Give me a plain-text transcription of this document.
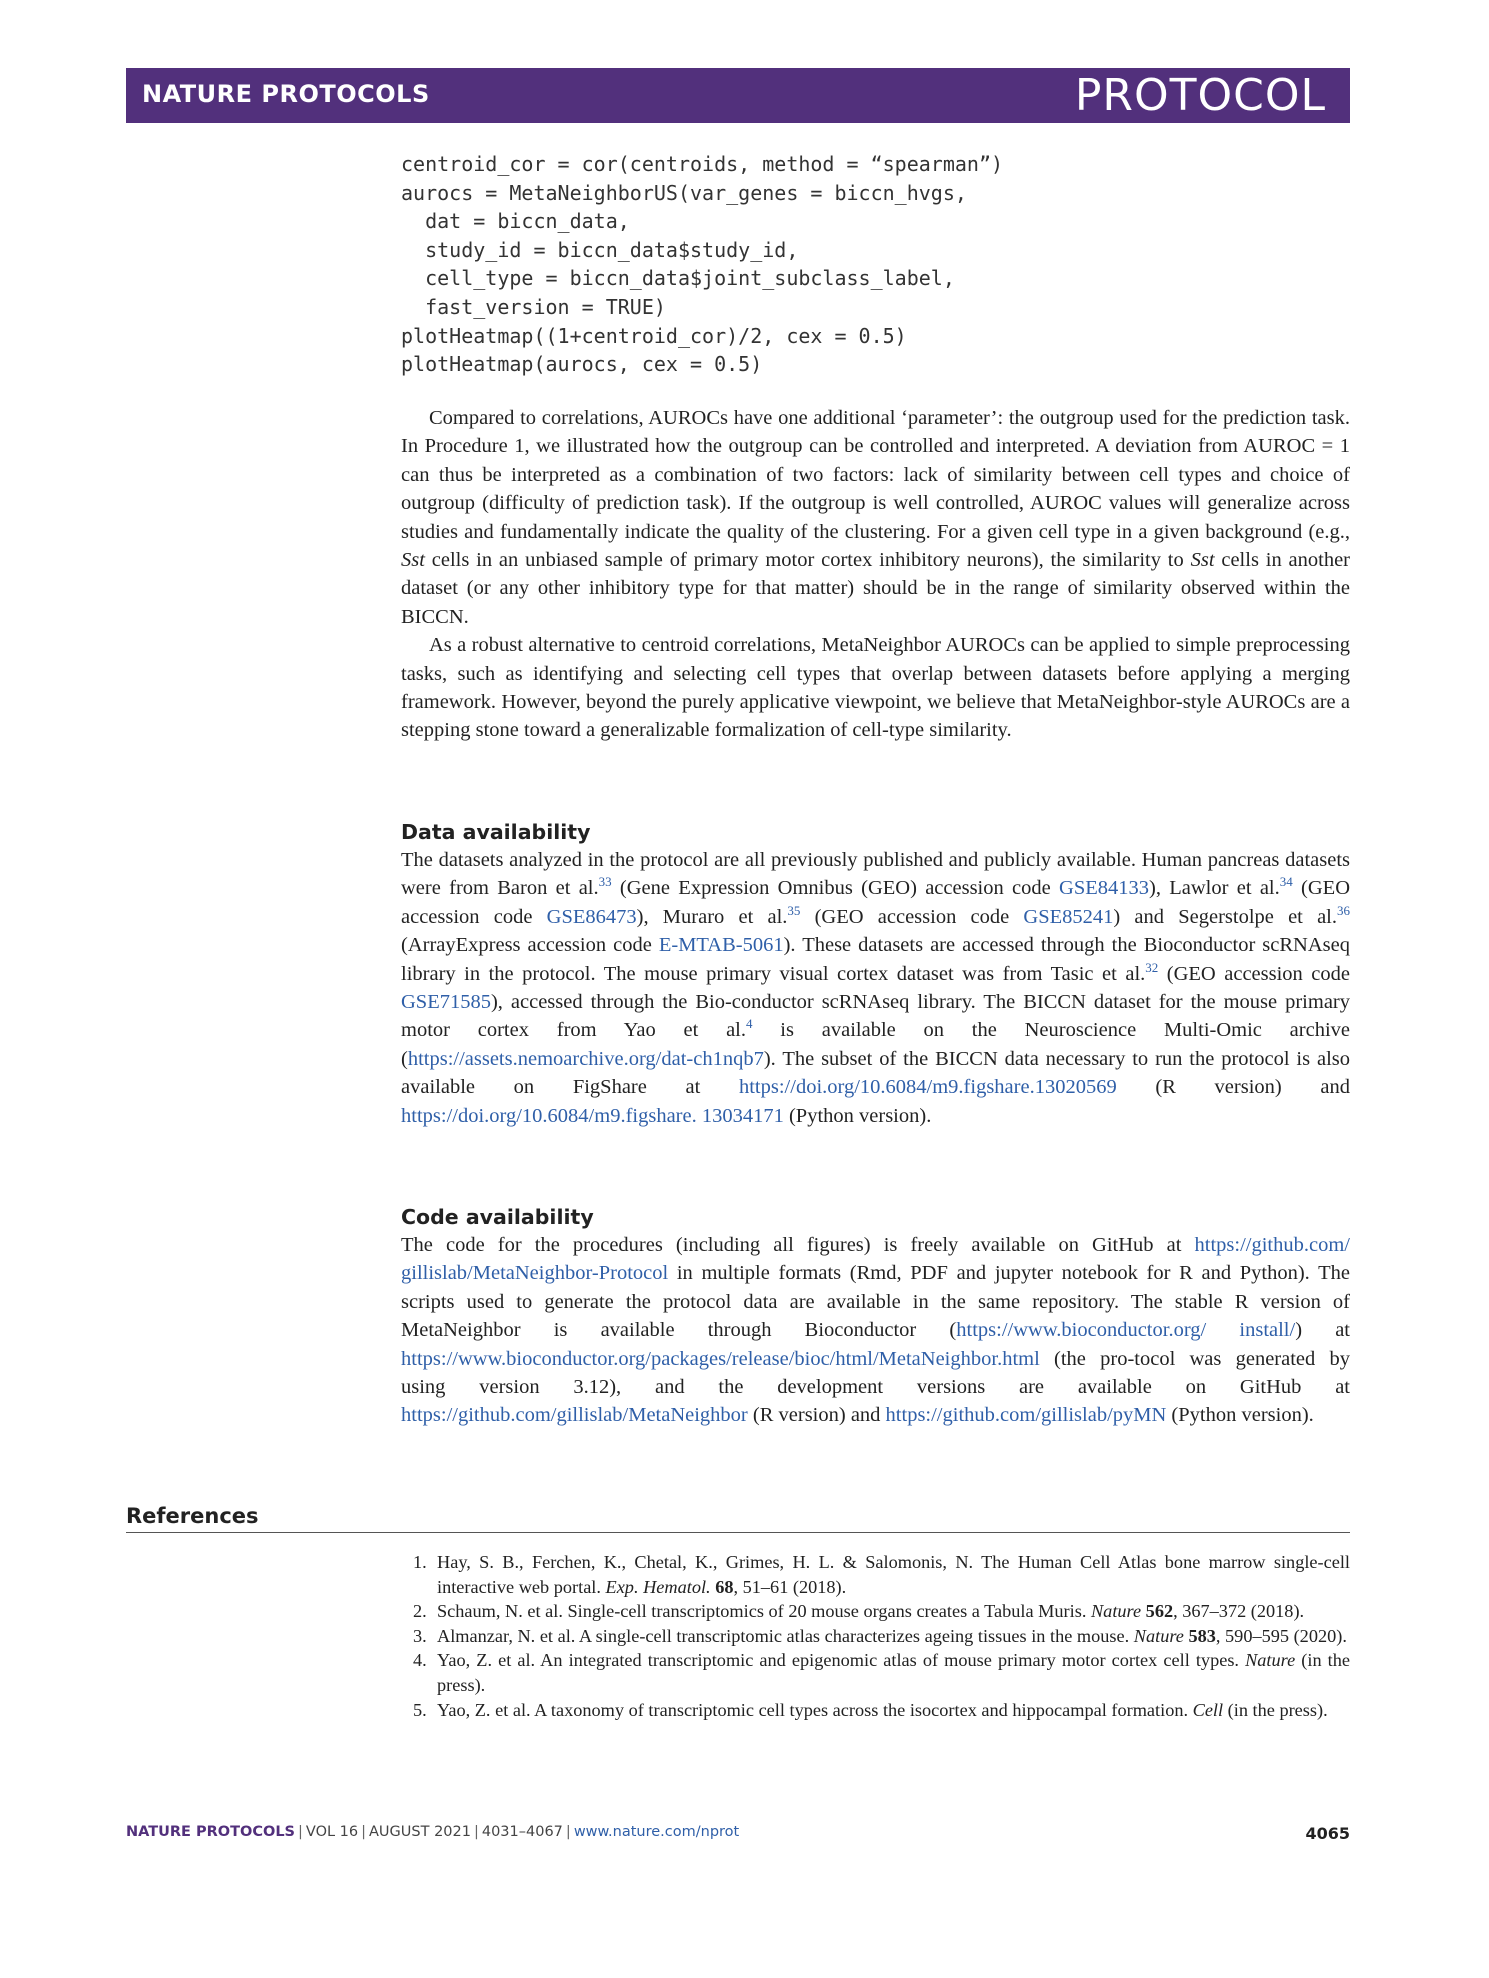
NATURE PROTOCOLS	PROTOCOL
centroid_cor = cor(centroids, method = “spearman”)
aurocs = MetaNeighborUS(var_genes = biccn_hvgs,
dat = biccn_data,
study_id = biccn_data$study_id,
cell_type = biccn_data$joint_subclass_label,
fast_version = TRUE)
plotHeatmap((1+centroid_cor)/2, cex = 0.5)
plotHeatmap(aurocs, cex = 0.5)

Compared to correlations, AUROCs have one additional ‘parameter’: the outgroup used for the prediction task. In Procedure 1, we illustrated how the outgroup can be controlled and interpreted. A deviation from AUROC = 1 can thus be interpreted as a combination of two factors: lack of similarity between cell types and choice of outgroup (difficulty of prediction task). If the outgroup is well controlled, AUROC values will generalize across studies and fundamentally indicate the quality of the clustering. For a given cell type in a given background (e.g., Sst cells in an unbiased sample of primary motor cortex inhibitory neurons), the similarity to Sst cells in another dataset (or any other inhibitory type for that matter) should be in the range of similarity observed within the BICCN.

As a robust alternative to centroid correlations, MetaNeighbor AUROCs can be applied to simple preprocessing tasks, such as identifying and selecting cell types that overlap between datasets before applying a merging framework. However, beyond the purely applicative viewpoint, we believe that MetaNeighbor-style AUROCs are a stepping stone toward a generalizable formalization of cell-type similarity.

Data availability

The datasets analyzed in the protocol are all previously published and publicly available. Human pancreas datasets were from Baron et al.$^{33}$ (Gene Expression Omnibus (GEO) accession code GSE84133), Lawlor et al.$^{34}$ (GEO accession code GSE86473), Muraro et al.$^{35}$ (GEO accession code GSE85241) and Segerstolpe et al.$^{36}$ (ArrayExpress accession code E-MTAB-5061). These datasets are accessed through the Bioconductor scRNAseq library in the protocol. The mouse primary visual cortex dataset was from Tasic et al.$^{32}$ (GEO accession code GSE71585), accessed through the Bio-conductor scRNAseq library. The BICCN dataset for the mouse primary motor cortex from Yao et al.$^4$ is available on the Neuroscience Multi-Omic archive (https://assets.nemoarchive.org/dat-ch1nqb7). The subset of the BICCN data necessary to run the protocol is also available on FigShare at https://doi.org/10.6084/m9.figshare.13020569 (R version) and https://doi.org/10.6084/m9.figshare. 13034171 (Python version).

Code availability

The code for the procedures (including all figures) is freely available on GitHub at https://github.com/ gillislab/MetaNeighbor-Protocol in multiple formats (Rmd, PDF and jupyter notebook for R and Python). The scripts used to generate the protocol data are available in the same repository. The stable R version of MetaNeighbor is available through Bioconductor (https://www.bioconductor.org/ install/) at https://www.bioconductor.org/packages/release/bioc/html/MetaNeighbor.html (the pro-tocol was generated by using version 3.12), and the development versions are available on GitHub at https://github.com/gillislab/MetaNeighbor (R version) and https://github.com/gillislab/pyMN (Python version).

References
1. Hay, S. B., Ferchen, K., Chetal, K., Grimes, H. L. & Salomonis, N. The Human Cell Atlas bone marrow single-cell interactive web portal. Exp. Hematol. 68, 51–61 (2018).
2. Schaum, N. et al. Single-cell transcriptomics of 20 mouse organs creates a Tabula Muris. Nature 562, 367–372 (2018).
3. Almanzar, N. et al. A single-cell transcriptomic atlas characterizes ageing tissues in the mouse. Nature 583, 590–595 (2020).
4. Yao, Z. et al. An integrated transcriptomic and epigenomic atlas of mouse primary motor cortex cell types. Nature (in the press).
5. Yao, Z. et al. A taxonomy of transcriptomic cell types across the isocortex and hippocampal formation. Cell (in the press).
NATURE PROTOCOLS | VOL 16 | AUGUST 2021 | 4031–4067 | www.nature.com/nprot	4065
